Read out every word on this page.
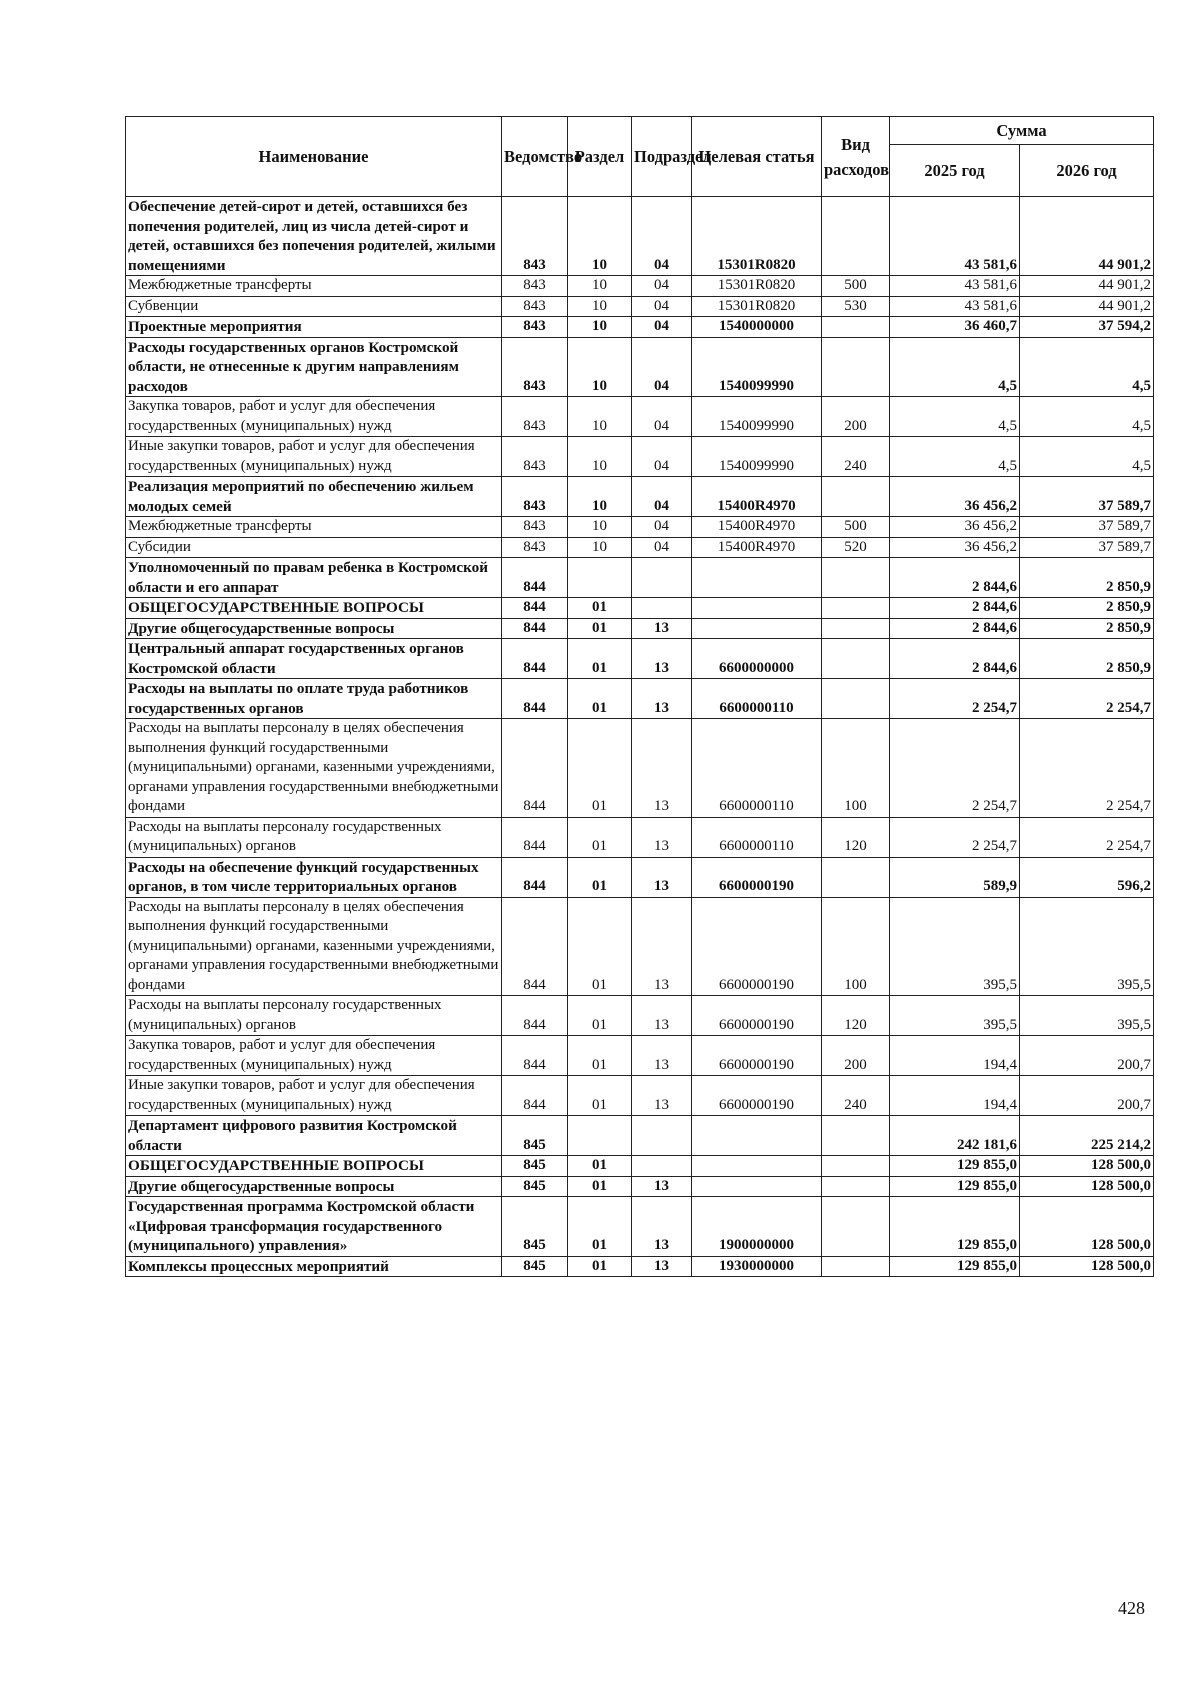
Наименование	Ведомство	Раздел	Подраздел	Целевая статья	Вид расходов	Сумма	
						2025 год	2026 год
Обеспечение детей-сирот и детей, оставшихся без попечения родителей, лиц из числа детей-сирот и детей, оставшихся без попечения родителей, жилыми помещениями	843	10	04	15301R0820		43 581,6	44 901,2
Межбюджетные трансферты	843	10	04	15301R0820	500	43 581,6	44 901,2
Субвенции	843	10	04	15301R0820	530	43 581,6	44 901,2
Проектные мероприятия	843	10	04	1540000000		36 460,7	37 594,2
Расходы государственных органов Костромской области, не отнесенные к другим направлениям расходов	843	10	04	1540099990		4,5	4,5
Закупка товаров, работ и услуг для обеспечения государственных (муниципальных) нужд	843	10	04	1540099990	200	4,5	4,5
Иные закупки товаров, работ и услуг для обеспечения государственных (муниципальных) нужд	843	10	04	1540099990	240	4,5	4,5
Реализация мероприятий по обеспечению жильем молодых семей	843	10	04	15400R4970		36 456,2	37 589,7
Межбюджетные трансферты	843	10	04	15400R4970	500	36 456,2	37 589,7
Субсидии	843	10	04	15400R4970	520	36 456,2	37 589,7
Уполномоченный по правам ребенка в Костромской области и его аппарат	844					2 844,6	2 850,9
ОБЩЕГОСУДАРСТВЕННЫЕ ВОПРОСЫ	844	01				2 844,6	2 850,9
Другие общегосударственные вопросы	844	01	13			2 844,6	2 850,9
Центральный аппарат государственных органов Костромской области	844	01	13	6600000000		2 844,6	2 850,9
Расходы на выплаты по оплате труда работников государственных органов	844	01	13	6600000110		2 254,7	2 254,7
Расходы на выплаты персоналу в целях обеспечения выполнения функций государственными (муниципальными) органами, казенными учреждениями, органами управления государственными внебюджетными фондами	844	01	13	6600000110	100	2 254,7	2 254,7
Расходы на выплаты персоналу государственных (муниципальных) органов	844	01	13	6600000110	120	2 254,7	2 254,7
Расходы на обеспечение функций государственных органов, в том числе территориальных органов	844	01	13	6600000190		589,9	596,2
Расходы на выплаты персоналу в целях обеспечения выполнения функций государственными (муниципальными) органами, казенными учреждениями, органами управления государственными внебюджетными фондами	844	01	13	6600000190	100	395,5	395,5
Расходы на выплаты персоналу государственных (муниципальных) органов	844	01	13	6600000190	120	395,5	395,5
Закупка товаров, работ и услуг для обеспечения государственных (муниципальных) нужд	844	01	13	6600000190	200	194,4	200,7
Иные закупки товаров, работ и услуг для обеспечения государственных (муниципальных) нужд	844	01	13	6600000190	240	194,4	200,7
Департамент цифрового развития Костромской области	845					242 181,6	225 214,2
ОБЩЕГОСУДАРСТВЕННЫЕ ВОПРОСЫ	845	01				129 855,0	128 500,0
Другие общегосударственные вопросы	845	01	13			129 855,0	128 500,0
Государственная программа Костромской области «Цифровая трансформация государственного (муниципального) управления»	845	01	13	1900000000		129 855,0	128 500,0
Комплексы процессных мероприятий	845	01	13	1930000000		129 855,0	128 500,0
428
